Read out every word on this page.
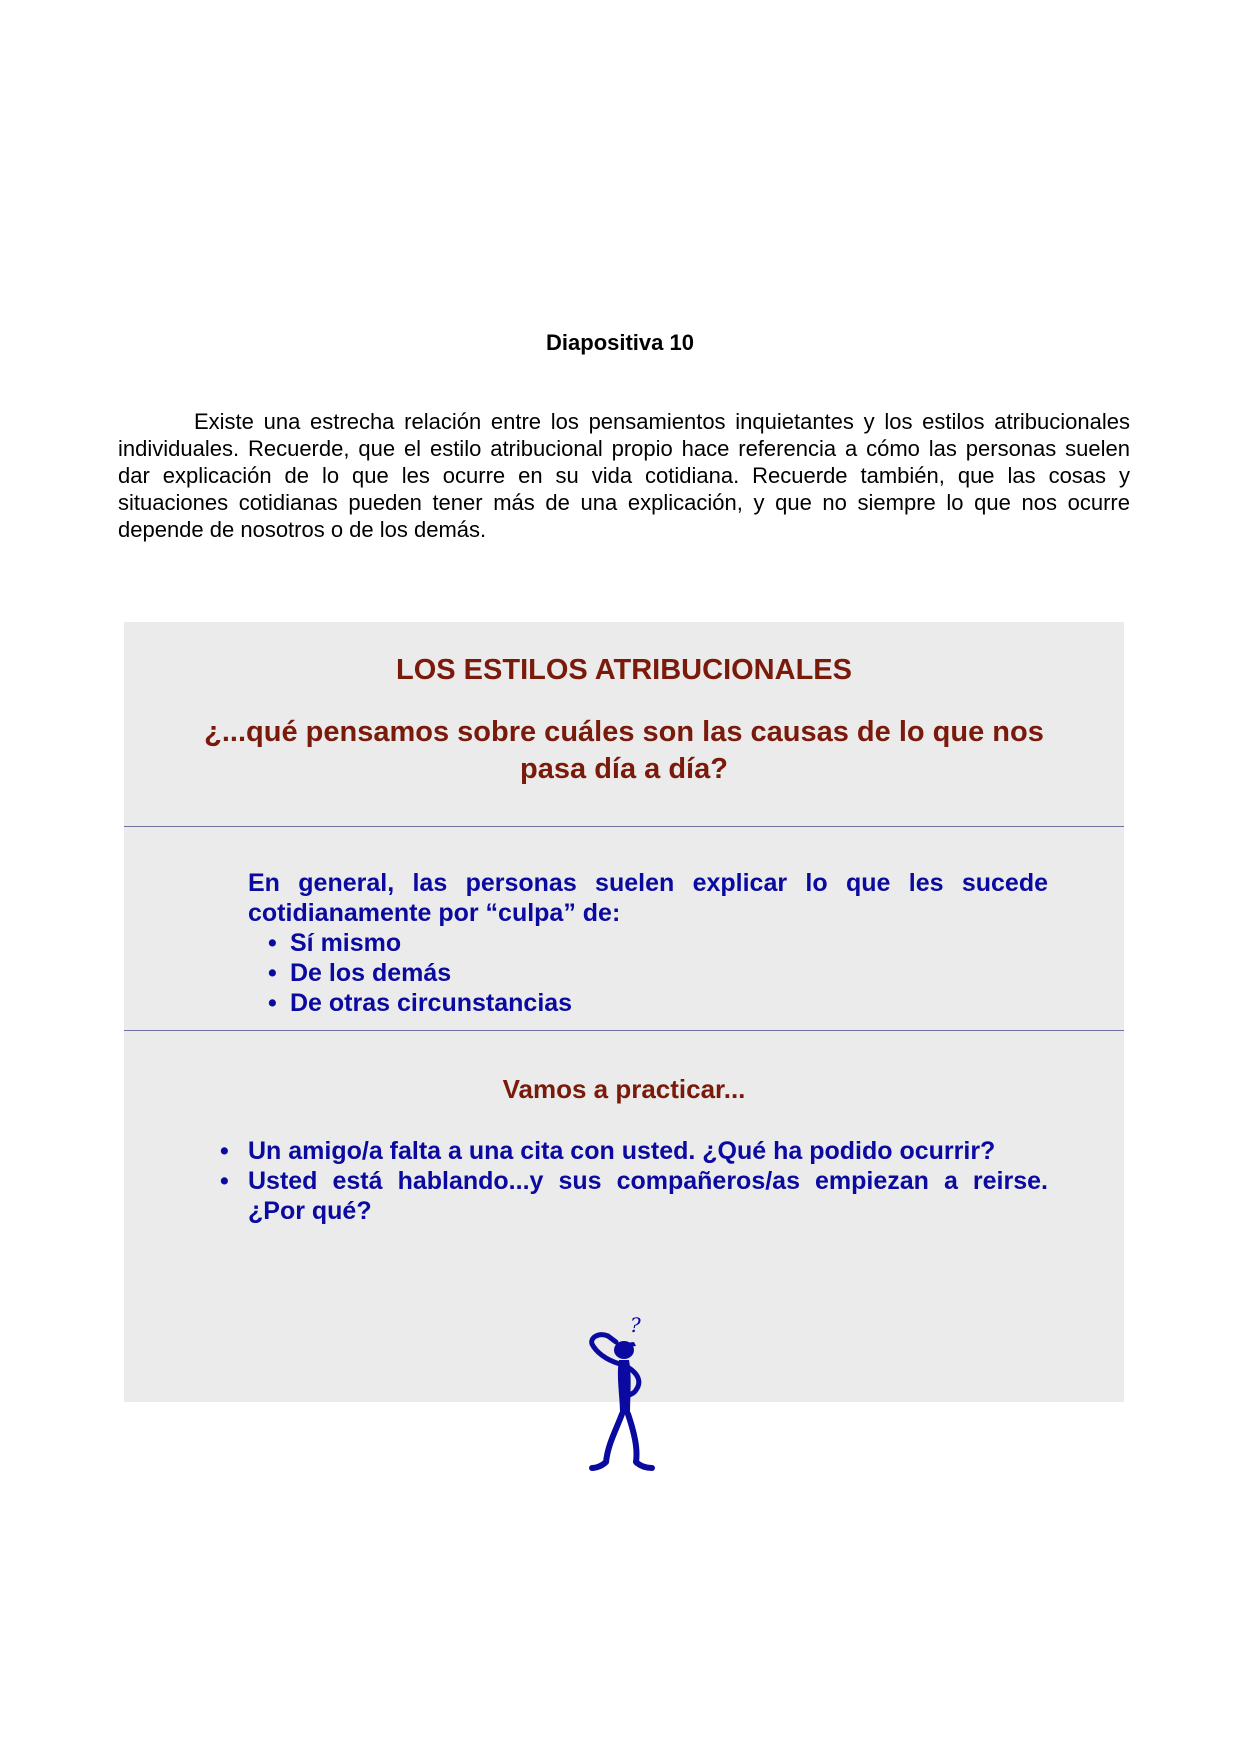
Diapositiva 10

Existe una estrecha relación entre los pensamientos inquietantes y los estilos atribucionales individuales. Recuerde, que el estilo atribucional propio hace referencia a cómo las personas suelen dar explicación de lo que les ocurre en su vida cotidiana. Recuerde también, que las cosas y situaciones cotidianas pueden tener más de una explicación, y que no siempre lo que nos ocurre depende de nosotros o de los demás.

LOS ESTILOS ATRIBUCIONALES

¿...qué pensamos sobre cuáles son las causas de lo que nos pasa día a día?

En general, las personas suelen explicar lo que les sucede cotidianamente por “culpa” de:

• Sí mismo
• De los demás
• De otras circunstancias
Vamos a practicar...
• Un amigo/a falta a una cita con usted. ¿Qué ha podido ocurrir?
• Usted está hablando...y sus compañeros/as empiezan a reirse. ¿Por qué?
?
